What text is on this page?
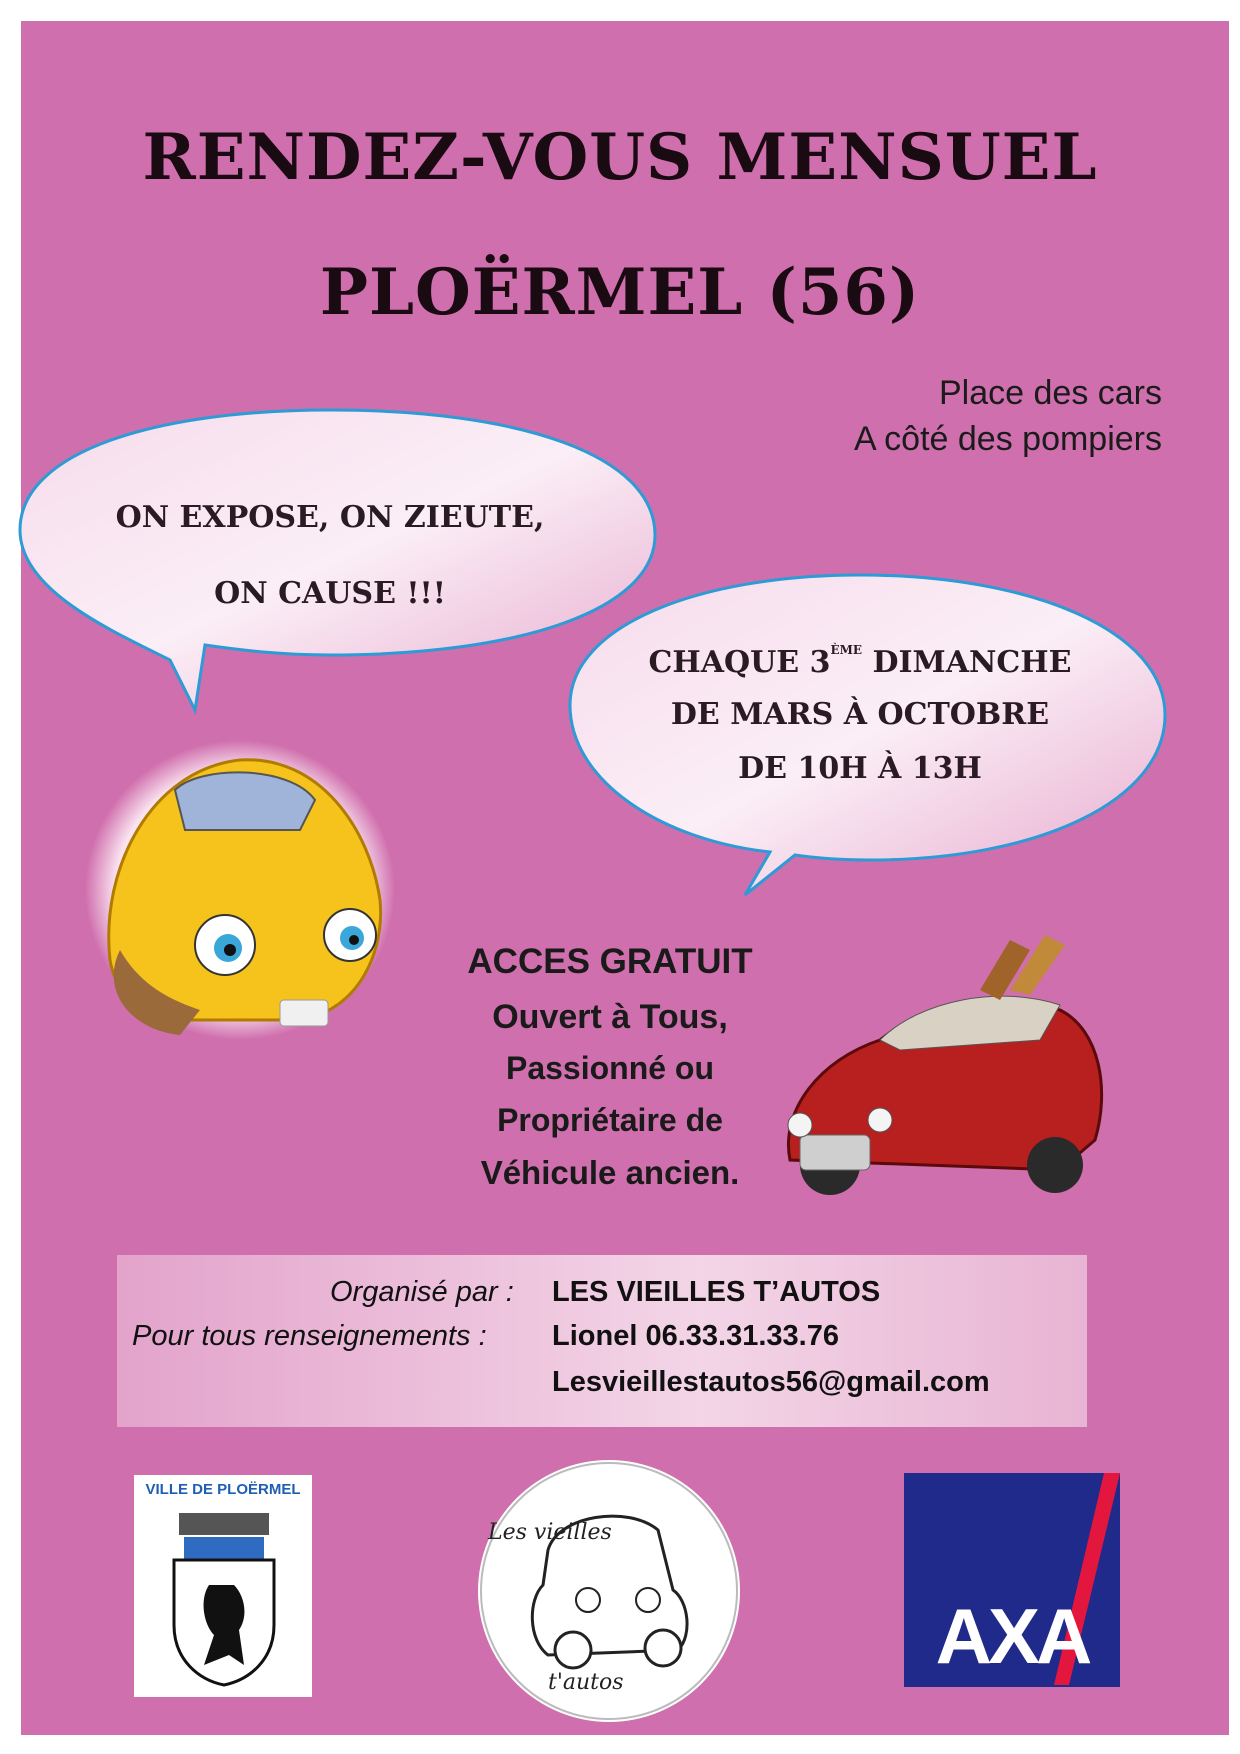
RENDEZ-VOUS MENSUEL
PLOËRMEL (56)
Place des cars
A côté des pompiers
ON EXPOSE, ON ZIEUTE,
ON CAUSE !!!
CHAQUE 3ÈME DIMANCHE
DE MARS À OCTOBRE
DE 10H À 13H
ACCES GRATUIT
Ouvert à Tous,
Passionné ou
Propriétaire de
Véhicule ancien.
Organisé par : LES VIEILLES T’AUTOS
Pour tous renseignements : Lionel 06.33.31.33.76
Lesvieillestautos56@gmail.com
VILLE DE PLOËRMEL
Les vieilles
t'autos
AXA
